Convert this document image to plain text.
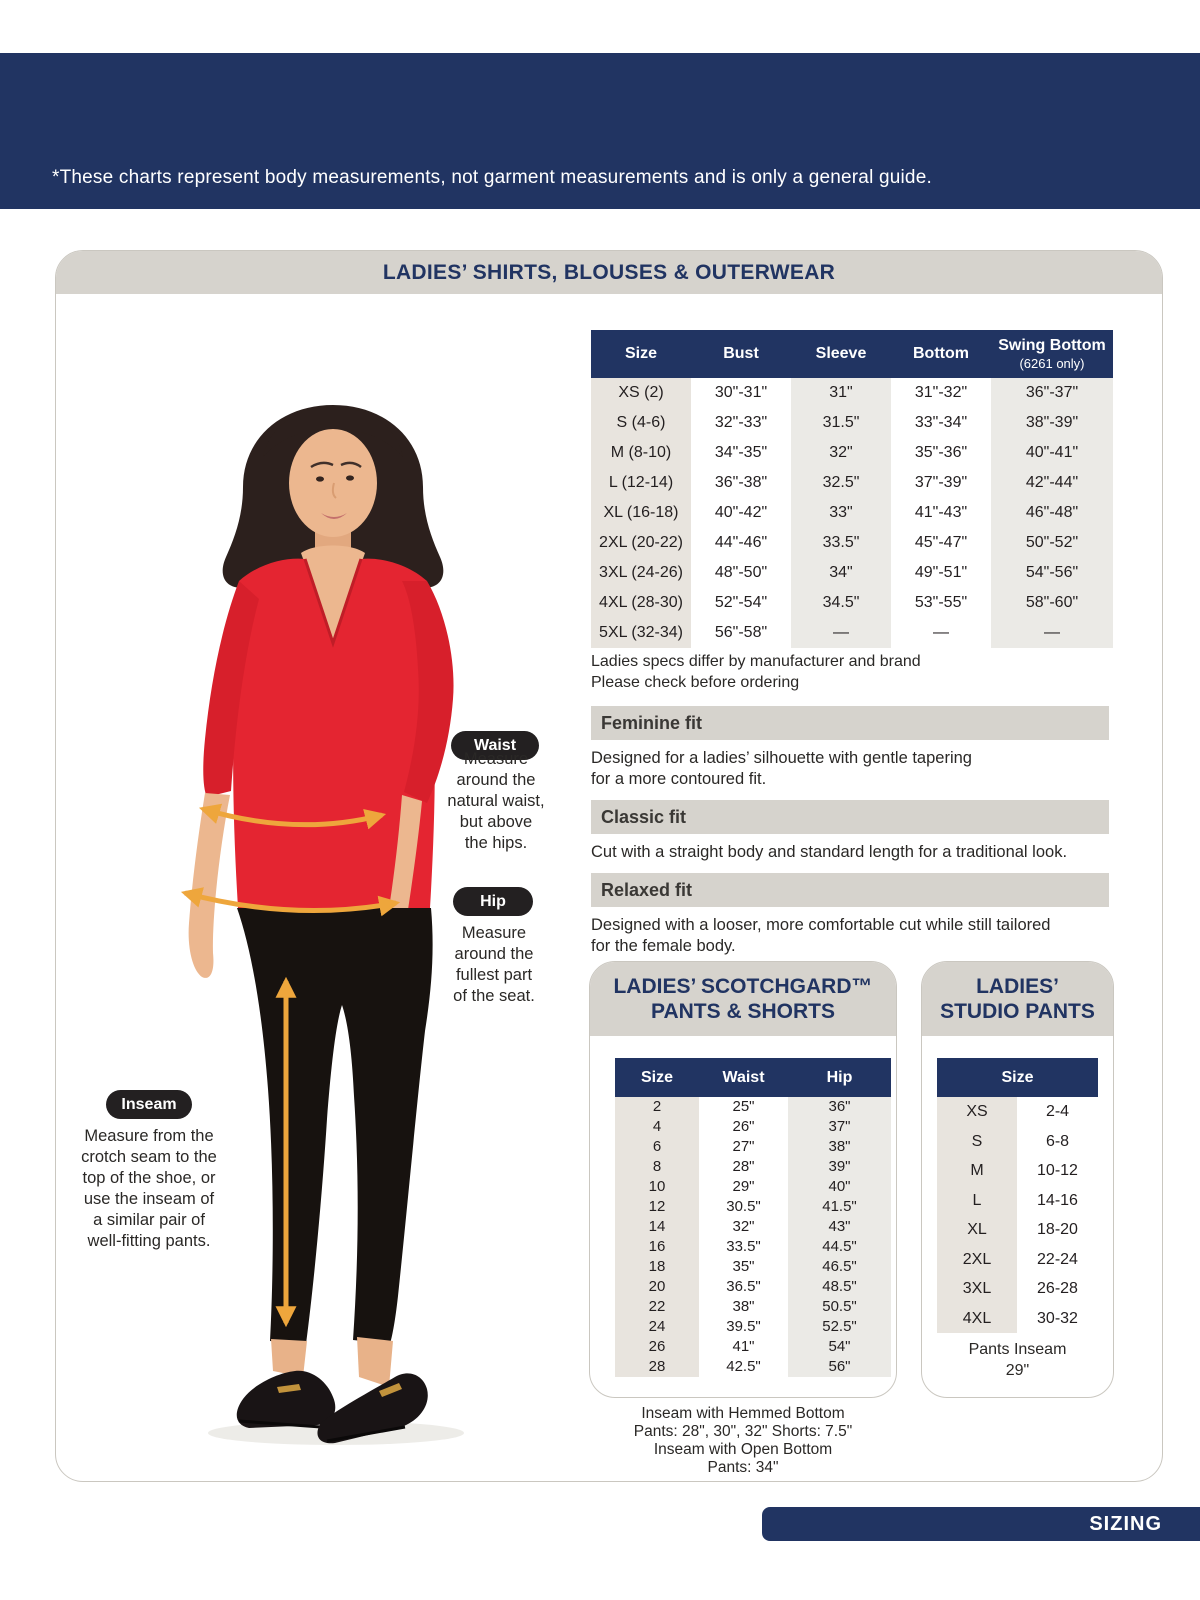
*These charts represent body measurements, not garment measurements and is only a general guide.
LADIES’ SHIRTS, BLOUSES & OUTERWEAR
Waist
Measure
around the
natural waist,
but above
the hips.
Hip
Measure
around the
fullest part
of the seat.
Inseam
Measure from the
crotch seam to the
top of the shoe, or
use the inseam of
a similar pair of
well-fitting pants.
Size	Bust	Sleeve	Bottom	Swing Bottom
(6261 only)
XS (2)	30"-31"	31"	31"-32"	36"-37"
S (4-6)	32"-33"	31.5"	33"-34"	38"-39"
M (8-10)	34"-35"	32"	35"-36"	40"-41"
L (12-14)	36"-38"	32.5"	37"-39"	42"-44"
XL (16-18)	40"-42"	33"	41"-43"	46"-48"
2XL (20-22)	44"-46"	33.5"	45"-47"	50"-52"
3XL (24-26)	48"-50"	34"	49"-51"	54"-56"
4XL (28-30)	52"-54"	34.5"	53"-55"	58"-60"
5XL (32-34)	56"-58"	—	—	—
Ladies specs differ by manufacturer and brand
Please check before ordering
Feminine fit
Designed for a ladies’ silhouette with gentle tapering
for a more contoured fit.
Classic fit
Cut with a straight body and standard length for a traditional look.
Relaxed fit
Designed with a looser, more comfortable cut while still tailored
for the female body.
LADIES’ SCOTCHGARD™
PANTS & SHORTS
Size	Waist	Hip
2	25"	36"
4	26"	37"
6	27"	38"
8	28"	39"
10	29"	40"
12	30.5"	41.5"
14	32"	43"
16	33.5"	44.5"
18	35"	46.5"
20	36.5"	48.5"
22	38"	50.5"
24	39.5"	52.5"
26	41"	54"
28	42.5"	56"
Inseam with Hemmed Bottom
Pants: 28", 30", 32" Shorts: 7.5"
Inseam with Open Bottom
Pants: 34"
LADIES’
STUDIO PANTS
Size
XS	2-4
S	6-8
M	10-12
L	14-16
XL	18-20
2XL	22-24
3XL	26-28
4XL	30-32
Pants Inseam
29"
SIZING
